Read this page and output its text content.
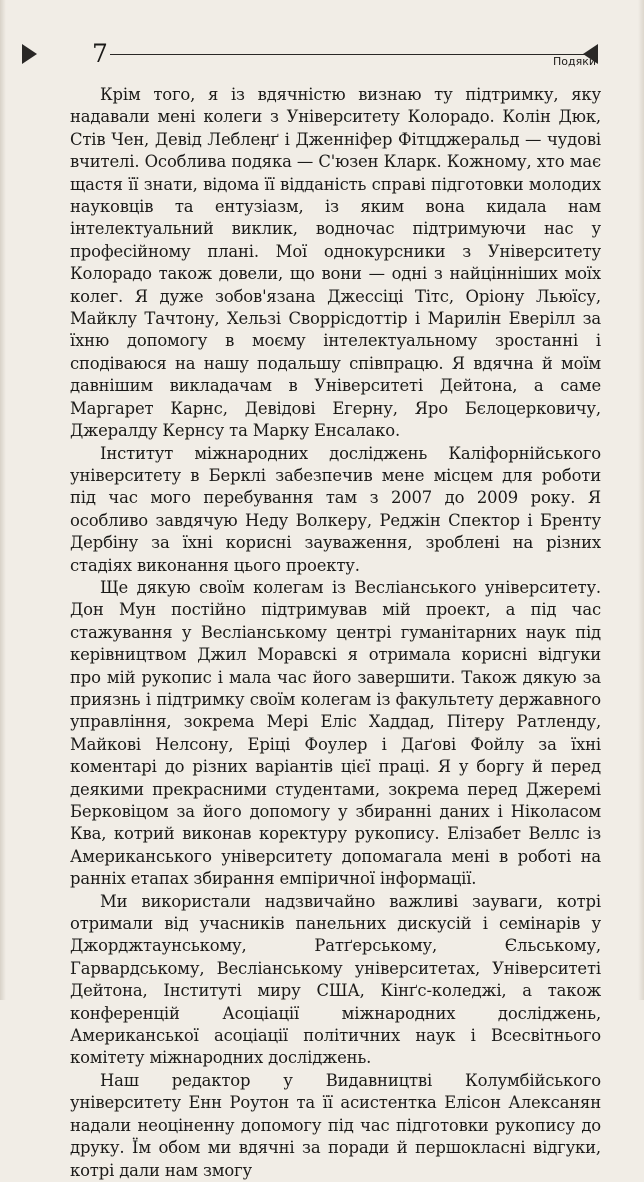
7	Подяки

Крім того, я із вдячністю визнаю ту підтримку, яку надавали мені колеги з Університету Колорадо. Колін Дюк, Стів Чен, Девід Леблеңґ і Дженніфер Фітцджеральд — чудові вчителі. Особлива подяка — С'юзен Кларк. Кожному, хто має щастя її знати, відома її відданість справі підготовки молодих науковців та ентузіазм, із яким вона кидала нам інтелектуальний виклик, водночас підтримуючи нас у професійному плані. Мої однокурсники з Університету Колорадо також довели, що вони — одні з найцінніших моїх колег. Я дуже зобов'язана Джессіці Тітс, Оріону Льюїсу, Майклу Тачтону, Хельзі Своррісдоттір і Марилін Еверілл за їхню допомогу в моєму інтелектуальному зростанні і сподіваюся на нашу подальшу співпрацю. Я вдячна й моїм давнішим викладачам в Університеті Дейтона, а саме Маргарет Карнс, Девідові Егерну, Яро Бєлоцерковичу, Джералду Кернсу та Марку Енсалако.

Інститут міжнародних досліджень Каліфорнійського університету в Берклі забезпечив мене місцем для роботи під час мого перебування там з 2007 до 2009 року. Я особливо завдячую Неду Волкеру, Реджін Спектор і Бренту Дербіну за їхні корисні зауваження, зроблені на різних стадіях виконання цього проекту.

Ще дякую своїм колегам із Весліанського університету. Дон Мун постійно підтримував мій проект, а під час стажування у Весліанському центрі гуманітарних наук під керівництвом Джил Моравскі я отримала корисні відгуки про мій рукопис і мала час його завершити. Також дякую за приязнь і підтримку своїм колегам із факультету державного управління, зокрема Мері Еліс Хаддад, Пітеру Ратленду, Майкові Нелсону, Еріці Фоулер і Даґові Фойлу за їхні коментарі до різних варіантів цієї праці. Я у боргу й перед деякими прекрасними студентами, зокрема перед Джеремі Берковіцом за його допомогу у збиранні даних і Ніколасом Ква, котрий виконав коректуру рукопису. Елізабет Веллс із Американського університету допомагала мені в роботі на ранніх етапах збирання емпіричної інформації.

Ми використали надзвичайно важливі зауваги, котрі отримали від учасників панельних дискусій і семінарів у Джорджтаунському, Ратґерському, Єльському, Гарвардському, Весліанському університетах, Університеті Дейтона, Інституті миру США, Кінґс-коледжі, а також конференцій Асоціації міжнародних досліджень, Американської асоціації політичних наук і Всесвітнього комітету міжнародних досліджень.

Наш редактор у Видавництві Колумбійського університету Енн Роутон та її асистентка Елісон Алексанян надали неоціненну допомогу під час підготовки рукопису до друку. Їм обом ми вдячні за поради й першокласні відгуки, котрі дали нам змогу
